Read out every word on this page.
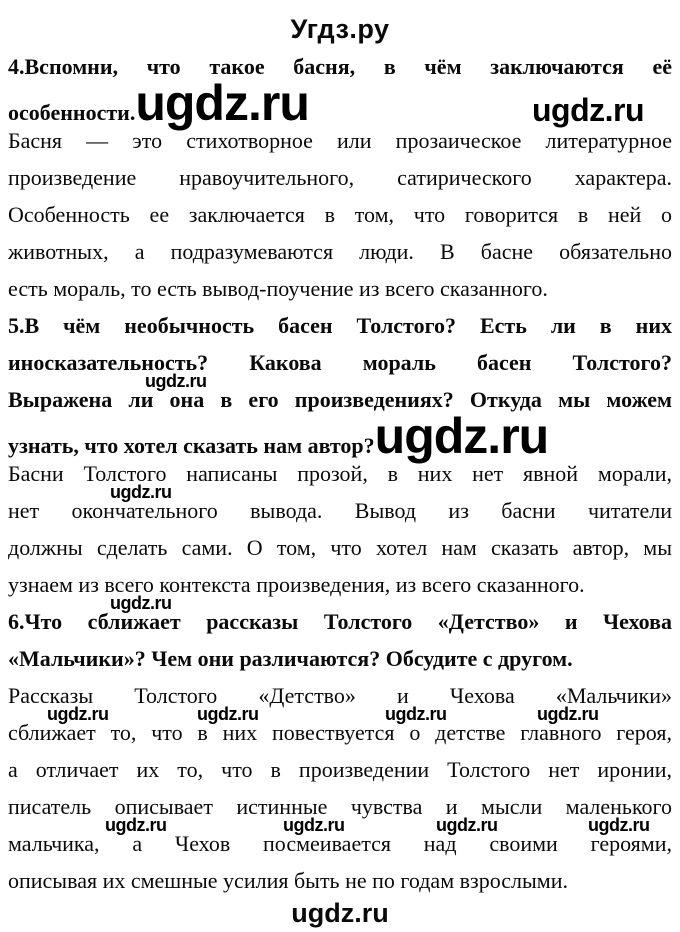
Угдз.ру
4.Вспомни, что такое басня, в чём заключаются её
особенности.ugdz.ru
Басня — это стихотворное или прозаическое литературное
произведение нравоучительного, сатирического характера.
Особенность ее заключается в том, что говорится в ней о
животных, а подразумеваются люди. В басне обязательно
есть мораль, то есть вывод-поучение из всего сказанного.
5.В чём необычность басен Толстого? Есть ли в них
иносказательность? Какова мораль басен Толстого?
Выражена ли она в его произведениях? Откуда мы можем
узнать, что хотел сказать нам автор?ugdz.ru
Басни Толстого написаны прозой, в них нет явной морали,
нет окончательного вывода. Вывод из басни читатели
должны сделать сами. О том, что хотел нам сказать автор, мы
узнаем из всего контекста произведения, из всего сказанного.
6.Что сближает рассказы Толстого «Детство» и Чехова
«Мальчики»? Чем они различаются? Обсудите с другом.
Рассказы Толстого «Детство» и Чехова «Мальчики»
сближает то, что в них повествуется о детстве главного героя,
а отличает их то, что в произведении Толстого нет иронии,
писатель описывает истинные чувства и мысли маленького
мальчика, а Чехов посмеивается над своими героями,
описывая их смешные усилия быть не по годам взрослыми.
ugdz.ru
ugdz.ru
ugdz.ru
ugdz.ru
ugdz.ru	ugdz.ru	ugdz.ru	ugdz.ru
ugdz.ru	ugdz.ru	ugdz.ru	ugdz.ru
ugdz.ru
